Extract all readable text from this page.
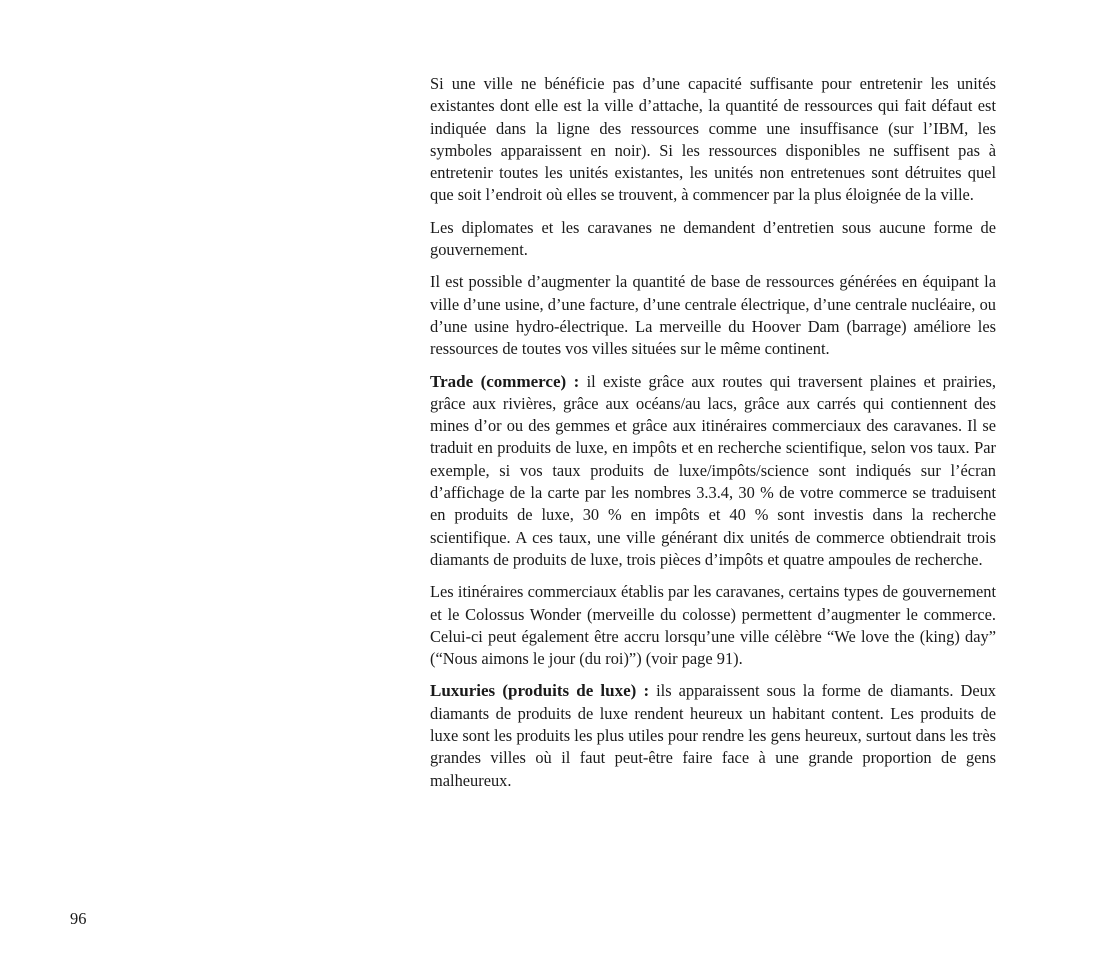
Si une ville ne bénéficie pas d’une capacité suffisante pour entretenir les unités existantes dont elle est la ville d’attache, la quantité de ressources qui fait défaut est indiquée dans la ligne des ressources comme une insuffisance (sur l’IBM, les symboles apparaissent en noir). Si les ressources disponibles ne suffisent pas à entretenir toutes les unités existantes, les unités non entretenues sont détruites quel que soit l’endroit où elles se trouvent, à commencer par la plus éloignée de la ville.

Les diplomates et les caravanes ne demandent d’entretien sous aucune forme de gouvernement.

Il est possible d’augmenter la quantité de base de ressources générées en équipant la ville d’une usine, d’une facture, d’une centrale électrique, d’une centrale nucléaire, ou d’une usine hydro-électrique. La merveille du Hoover Dam (barrage) améliore les ressources de toutes vos villes situées sur le même continent.

Trade (commerce) : il existe grâce aux routes qui traversent plaines et prairies, grâce aux rivières, grâce aux océans/au lacs, grâce aux carrés qui contiennent des mines d’or ou des gemmes et grâce aux itinéraires commerciaux des caravanes. Il se traduit en produits de luxe, en impôts et en recherche scientifique, selon vos taux. Par exemple, si vos taux produits de luxe/impôts/science sont indiqués sur l’écran d’affichage de la carte par les nombres 3.3.4, 30 % de votre commerce se traduisent en produits de luxe, 30 % en impôts et 40 % sont investis dans la recherche scientifique. A ces taux, une ville générant dix unités de commerce obtiendrait trois diamants de produits de luxe, trois pièces d’impôts et quatre ampoules de recherche.

Les itinéraires commerciaux établis par les caravanes, certains types de gouvernement et le Colossus Wonder (merveille du colosse) permettent d’augmenter le commerce. Celui-ci peut également être accru lorsqu’une ville célèbre “We love the (king) day” (“Nous aimons le jour (du roi)”) (voir page 91).

Luxuries (produits de luxe) : ils apparaissent sous la forme de diamants. Deux diamants de produits de luxe rendent heureux un habitant content. Les produits de luxe sont les produits les plus utiles pour rendre les gens heureux, surtout dans les très grandes villes où il faut peut-être faire face à une grande proportion de gens malheureux.

96
